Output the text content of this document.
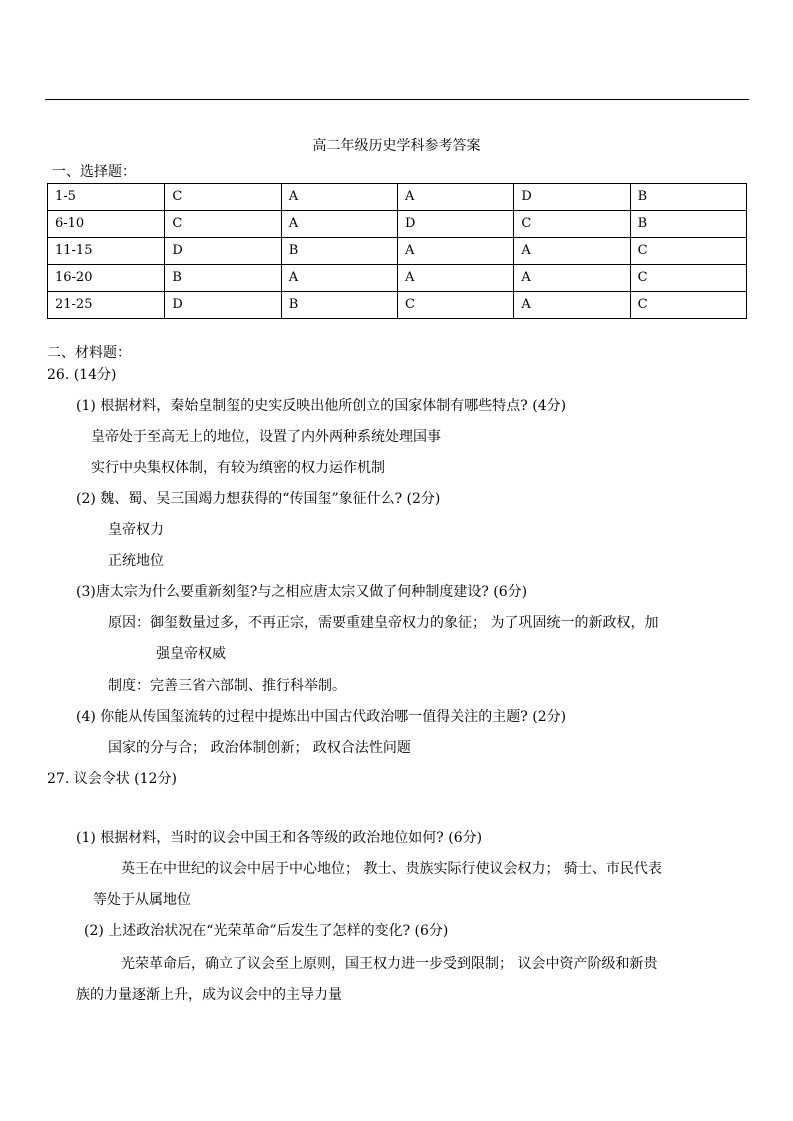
高二年级历史学科参考答案
一、选择题：
1-5	C	A	A	D	B
6-10	C	A	D	C	B
11-15	D	B	A	A	C
16-20	B	A	A	A	C
21-25	D	B	C	A	C
二、材料题：
26. (14分)
(1) 根据材料，秦始皇制玺的史实反映出他所创立的国家体制有哪些特点? (4分)
皇帝处于至高无上的地位，设置了内外两种系统处理国事
实行中央集权体制，有较为缜密的权力运作机制
(2) 魏、蜀、吴三国竭力想获得的“传国玺”象征什么? (2分)
皇帝权力
正统地位
(3)唐太宗为什么要重新刻玺?与之相应唐太宗又做了何种制度建设? (6分)
原因：御玺数量过多，不再正宗，需要重建皇帝权力的象征； 为了巩固统一的新政权，加
强皇帝权威
制度：完善三省六部制、推行科举制。
(4) 你能从传国玺流转的过程中提炼出中国古代政治哪一值得关注的主题? (2分)
国家的分与合； 政治体制创新； 政权合法性问题
27. 议会令状 (12分)
(1) 根据材料，当时的议会中国王和各等级的政治地位如何? (6分)
英王在中世纪的议会中居于中心地位； 教士、贵族实际行使议会权力； 骑士、市民代表
等处于从属地位
(2) 上述政治状况在“光荣革命”后发生了怎样的变化? (6分)
光荣革命后，确立了议会至上原则，国王权力进一步受到限制； 议会中资产阶级和新贵
族的力量逐渐上升，成为议会中的主导力量
